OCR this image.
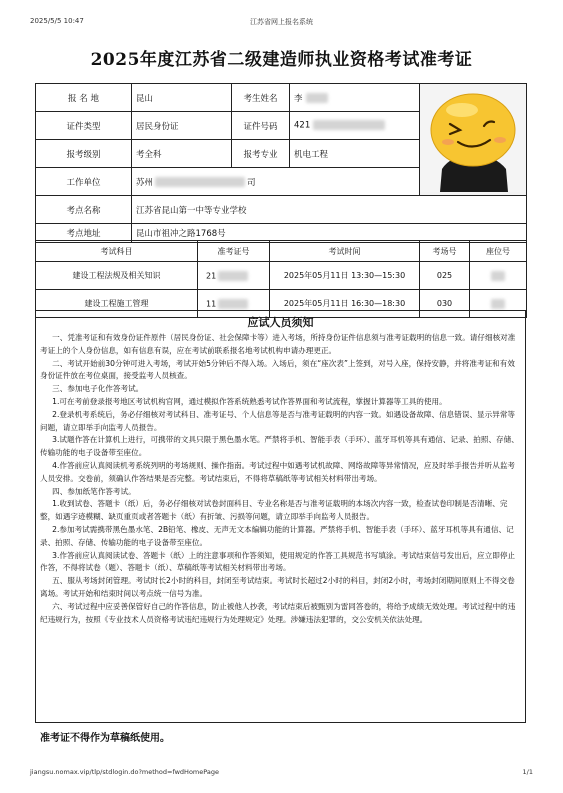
2025/5/5 10:47	江苏省网上报名系统
2025年度江苏省二级建造师执业资格考试准考证
报 名 地	昆山	考生姓名	李	
证件类型	居民身份证	证件号码	421	
报考级别	考全科	报考专业	机电工程	
工作单位	苏州 司			
考点名称	江苏省昆山第一中等专业学校			
考点地址	昆山市祖冲之路1768号			
考试科目	准考证号	考试时间	考场号	座位号
建设工程法规及相关知识	21	2025年05月11日 13:30—15:30	025	
建设工程施工管理	11	2025年05月11日 16:30—18:30	030	
应试人员须知

一、凭准考证和有效身份证件原件（居民身份证、社会保障卡等）进入考场，所持身份证件信息须与准考证载明的信息一致。请仔细核对准考证上的个人身份信息，如有信息有误，应在考试前联系报名地考试机构申请办理更正。

二、考试开始前30分钟可进入考场，考试开始5分钟后不得入场。入场后，须在“座次表”上签到，对号入座，保持安静，并将准考证和有效身份证件放在考位桌面，接受监考人员核查。

三、参加电子化作答考试。

1.可在考前登录报考地区考试机构官网，通过模拟作答系统熟悉考试作答界面和考试流程，掌握计算器等工具的使用。

2.登录机考系统后，务必仔细核对考试科目、准考证号、个人信息等是否与准考证载明的内容一致。如遇设备故障、信息错误、显示异常等问题，请立即举手向监考人员报告。

3.试题作答在计算机上进行，可携带的文具只限于黑色墨水笔。严禁将手机、智能手表（手环）、蓝牙耳机等具有通信、记录、拍照、存储、传输功能的电子设备带至座位。

4.作答前应认真阅读机考系统列明的考场规则、操作指南。考试过程中如遇考试机故障、网络故障等异常情况，应及时举手报告并听从监考人员安排。交卷前，须确认作答结果是否完整。考试结束后，不得将草稿纸等考试相关材料带出考场。

四、参加纸笔作答考试。

1.收到试卷、答题卡（纸）后，务必仔细核对试卷封面科目、专业名称是否与准考证载明的本场次内容一致，检查试卷印制是否清晰、完整，如遇字迹模糊、缺页重页或者答题卡（纸）有折皱、污损等问题，请立即举手向监考人员报告。

2.参加考试需携带黑色墨水笔、2B铅笔、橡皮、无声无文本编辑功能的计算器。严禁将手机、智能手表（手环）、蓝牙耳机等具有通信、记录、拍照、存储、传输功能的电子设备带至座位。

3.作答前应认真阅读试卷、答题卡（纸）上的注意事项和作答须知，使用规定的作答工具规范书写填涂。考试结束信号发出后，应立即停止作答，不得将试卷（题）、答题卡（纸）、草稿纸等考试相关材料带出考场。

五、服从考场封闭管理。考试时长2小时的科目，封闭至考试结束。考试时长超过2小时的科目，封闭2小时，考场封闭期间原则上不得交卷离场。考试开始和结束时间以考点统一信号为准。

六、考试过程中应妥善保管好自己的作答信息，防止被他人抄袭，考试结束后被甄别为雷同答卷的，将给予成绩无效处理。考试过程中的违纪违规行为，按照《专业技术人员资格考试违纪违规行为处理规定》处理。涉嫌违法犯罪的，交公安机关依法处理。

准考证不得作为草稿纸使用。
jiangsu.nomax.vip/tlp/stdlogin.do?method=fwdHomePage	1/1
